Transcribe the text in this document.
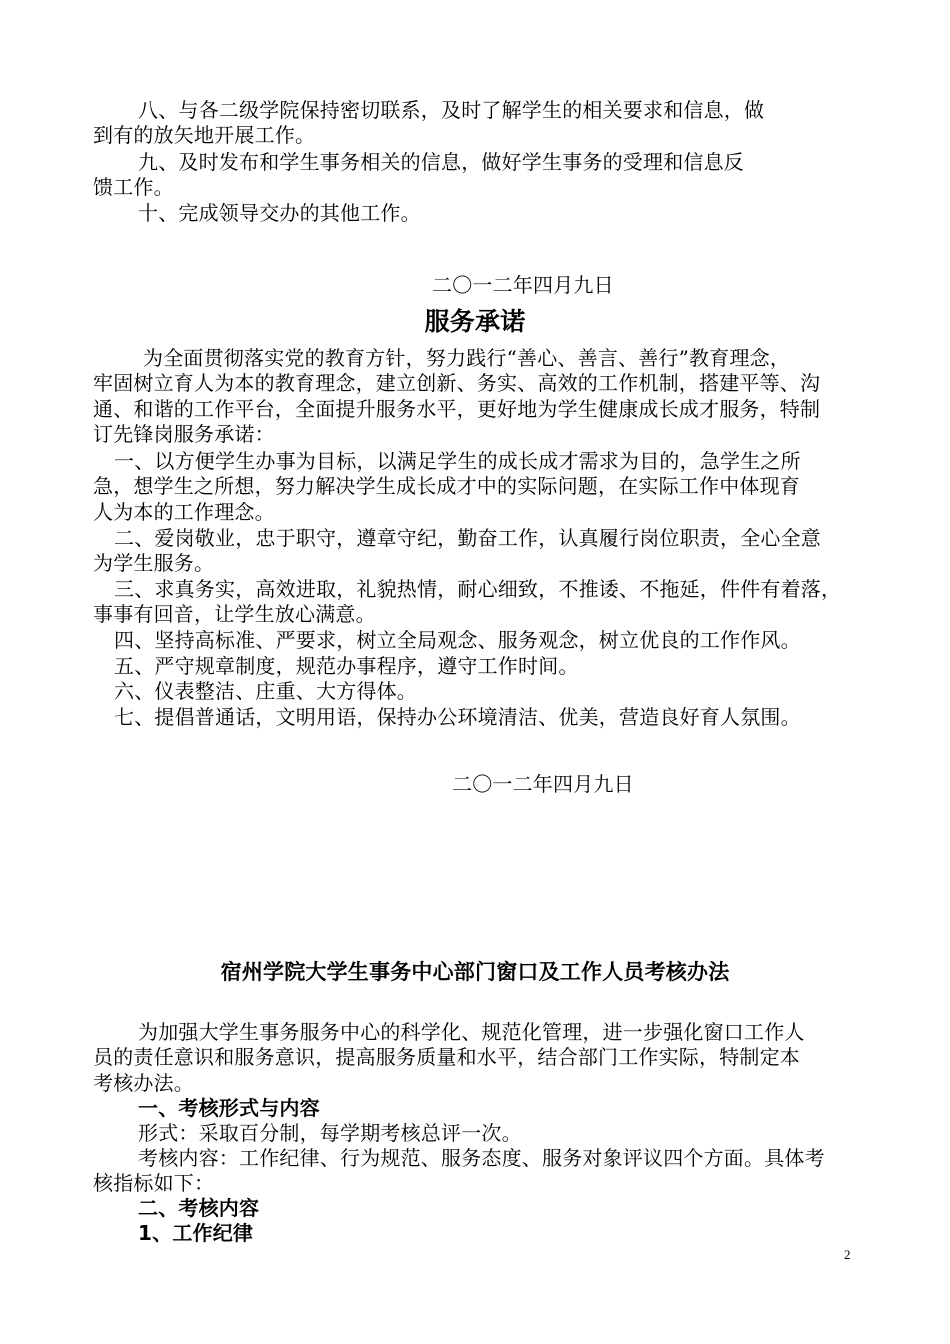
八、与各二级学院保持密切联系，及时了解学生的相关要求和信息，做
到有的放矢地开展工作。
九、及时发布和学生事务相关的信息，做好学生事务的受理和信息反
馈工作。
十、完成领导交办的其他工作。
二〇一二年四月九日
服务承诺
为全面贯彻落实党的教育方针，努力践行“善心、善言、善行”教育理念，
牢固树立育人为本的教育理念，建立创新、务实、高效的工作机制，搭建平等、沟
通、和谐的工作平台，全面提升服务水平，更好地为学生健康成长成才服务，特制
订先锋岗服务承诺：
一、以方便学生办事为目标，以满足学生的成长成才需求为目的，急学生之所
急，想学生之所想，努力解决学生成长成才中的实际问题，在实际工作中体现育
人为本的工作理念。
二、爱岗敬业，忠于职守，遵章守纪，勤奋工作，认真履行岗位职责，全心全意
为学生服务。
三、求真务实，高效进取，礼貌热情，耐心细致，不推诿、不拖延，件件有着落，
事事有回音，让学生放心满意。
四、坚持高标准、严要求，树立全局观念、服务观念，树立优良的工作作风。
五、严守规章制度，规范办事程序，遵守工作时间。
六、仪表整洁、庄重、大方得体。
七、提倡普通话，文明用语，保持办公环境清洁、优美，营造良好育人氛围。
二〇一二年四月九日
宿州学院大学生事务中心部门窗口及工作人员考核办法
为加强大学生事务服务中心的科学化、规范化管理，进一步强化窗口工作人
员的责任意识和服务意识，提高服务质量和水平，结合部门工作实际，特制定本
考核办法。
一、考核形式与内容
形式：采取百分制，每学期考核总评一次。
考核内容：工作纪律、行为规范、服务态度、服务对象评议四个方面。具体考
核指标如下：
二、考核内容
1、工作纪律
2
